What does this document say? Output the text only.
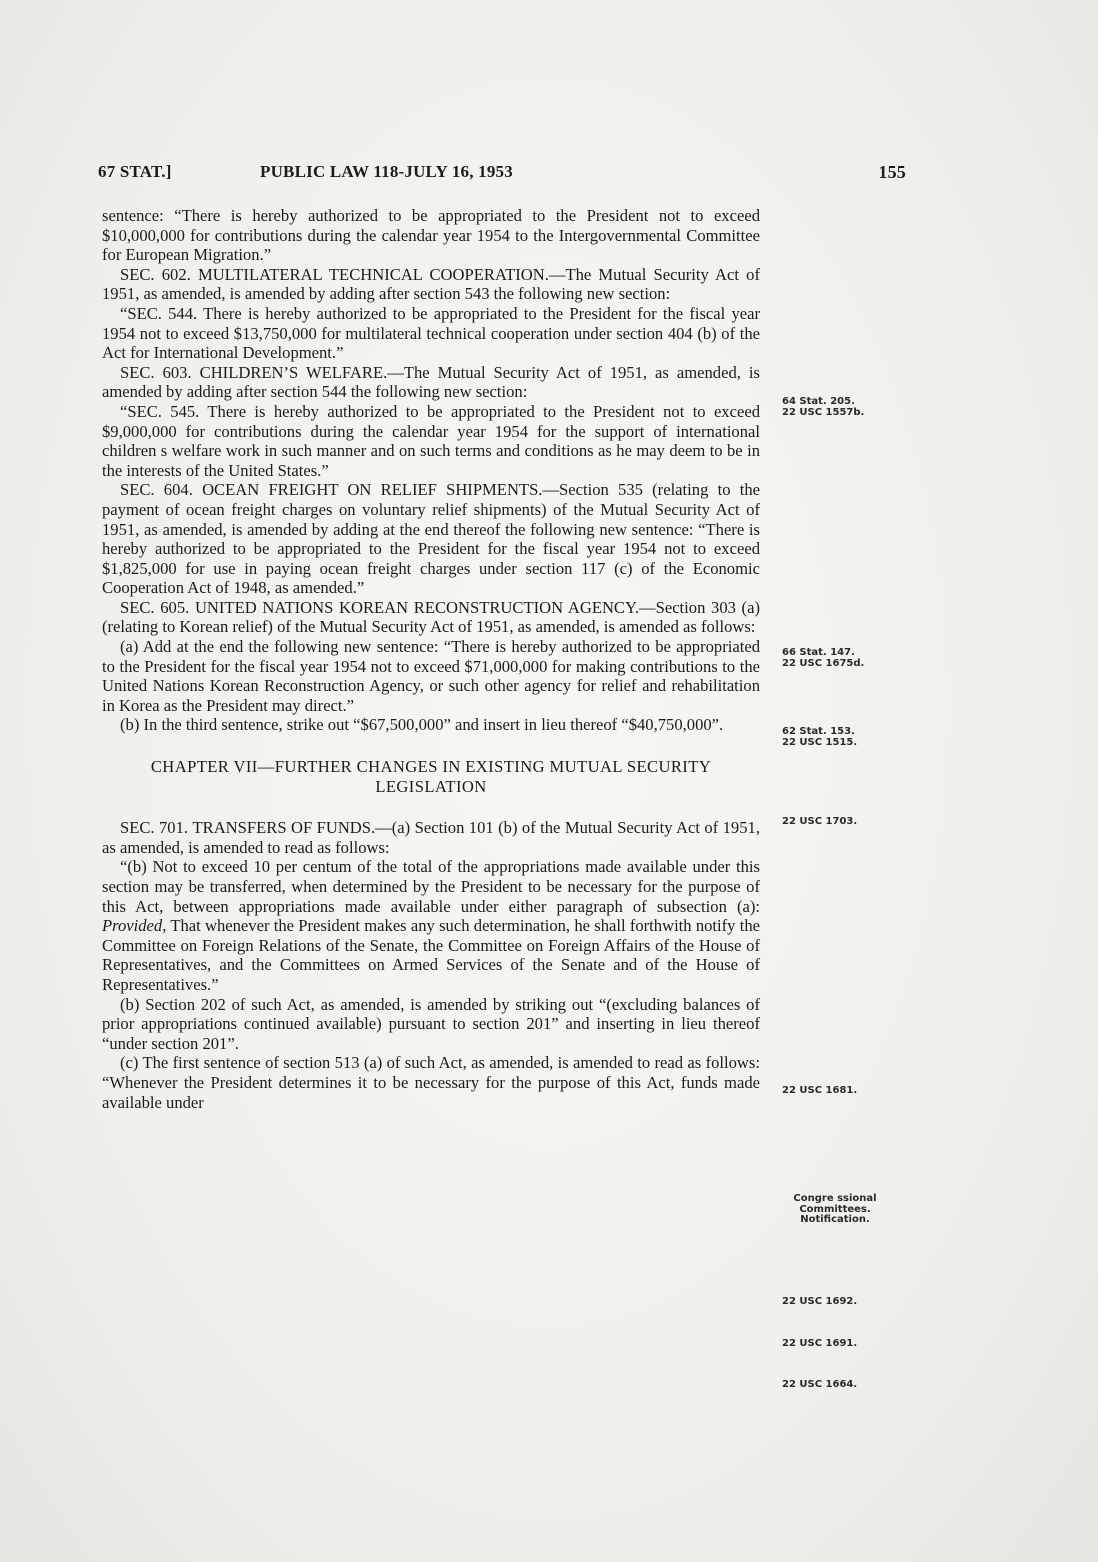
67 STAT.]	PUBLIC LAW 118-JULY 16, 1953	155

sentence: “There is hereby authorized to be appropriated to the President not to exceed $10,000,000 for contributions during the calendar year 1954 to the Intergovernmental Committee for European Migration.”

SEC. 602. MULTILATERAL TECHNICAL COOPERATION.—The Mutual Security Act of 1951, as amended, is amended by adding after section 543 the following new section:

“SEC. 544. There is hereby authorized to be appropriated to the President for the fiscal year 1954 not to exceed $13,750,000 for multilateral technical cooperation under section 404 (b) of the Act for International Development.”

SEC. 603. CHILDREN’S WELFARE.—The Mutual Security Act of 1951, as amended, is amended by adding after section 544 the following new section:

“SEC. 545. There is hereby authorized to be appropriated to the President not to exceed $9,000,000 for contributions during the calendar year 1954 for the support of international children s welfare work in such manner and on such terms and conditions as he may deem to be in the interests of the United States.”

SEC. 604. OCEAN FREIGHT ON RELIEF SHIPMENTS.—Section 535 (relating to the payment of ocean freight charges on voluntary relief shipments) of the Mutual Security Act of 1951, as amended, is amended by adding at the end thereof the following new sentence: “There is hereby authorized to be appropriated to the President for the fiscal year 1954 not to exceed $1,825,000 for use in paying ocean freight charges under section 117 (c) of the Economic Cooperation Act of 1948, as amended.”

SEC. 605. UNITED NATIONS KOREAN RECONSTRUCTION AGENCY.—Section 303 (a) (relating to Korean relief) of the Mutual Security Act of 1951, as amended, is amended as follows:

(a) Add at the end the following new sentence: “There is hereby authorized to be appropriated to the President for the fiscal year 1954 not to exceed $71,000,000 for making contributions to the United Nations Korean Reconstruction Agency, or such other agency for relief and rehabilitation in Korea as the President may direct.”

(b) In the third sentence, strike out “$67,500,000” and insert in lieu thereof “$40,750,000”.

CHAPTER VII—FURTHER CHANGES IN EXISTING MUTUAL SECURITY LEGISLATION

SEC. 701. TRANSFERS OF FUNDS.—(a) Section 101 (b) of the Mutual Security Act of 1951, as amended, is amended to read as follows:

“(b) Not to exceed 10 per centum of the total of the appropriations made available under this section may be transferred, when determined by the President to be necessary for the purpose of this Act, between appropriations made available under either paragraph of subsection (a): Provided, That whenever the President makes any such determination, he shall forthwith notify the Committee on Foreign Relations of the Senate, the Committee on Foreign Affairs of the House of Representatives, and the Committees on Armed Services of the Senate and of the House of Representatives.”

(b) Section 202 of such Act, as amended, is amended by striking out “(excluding balances of prior appropriations continued available) pursuant to section 201” and inserting in lieu thereof “under section 201”.

(c) The first sentence of section 513 (a) of such Act, as amended, is amended to read as follows: “Whenever the President determines it to be necessary for the purpose of this Act, funds made available under

64 Stat. 205.
22 USC 1557b.
66 Stat. 147.
22 USC 1675d.
62 Stat. 153.
22 USC 1515.
22 USC 1703.
22 USC 1681.
Congre ssional
Committees.
Notification.
22 USC 1692.
22 USC 1691.
22 USC 1664.
